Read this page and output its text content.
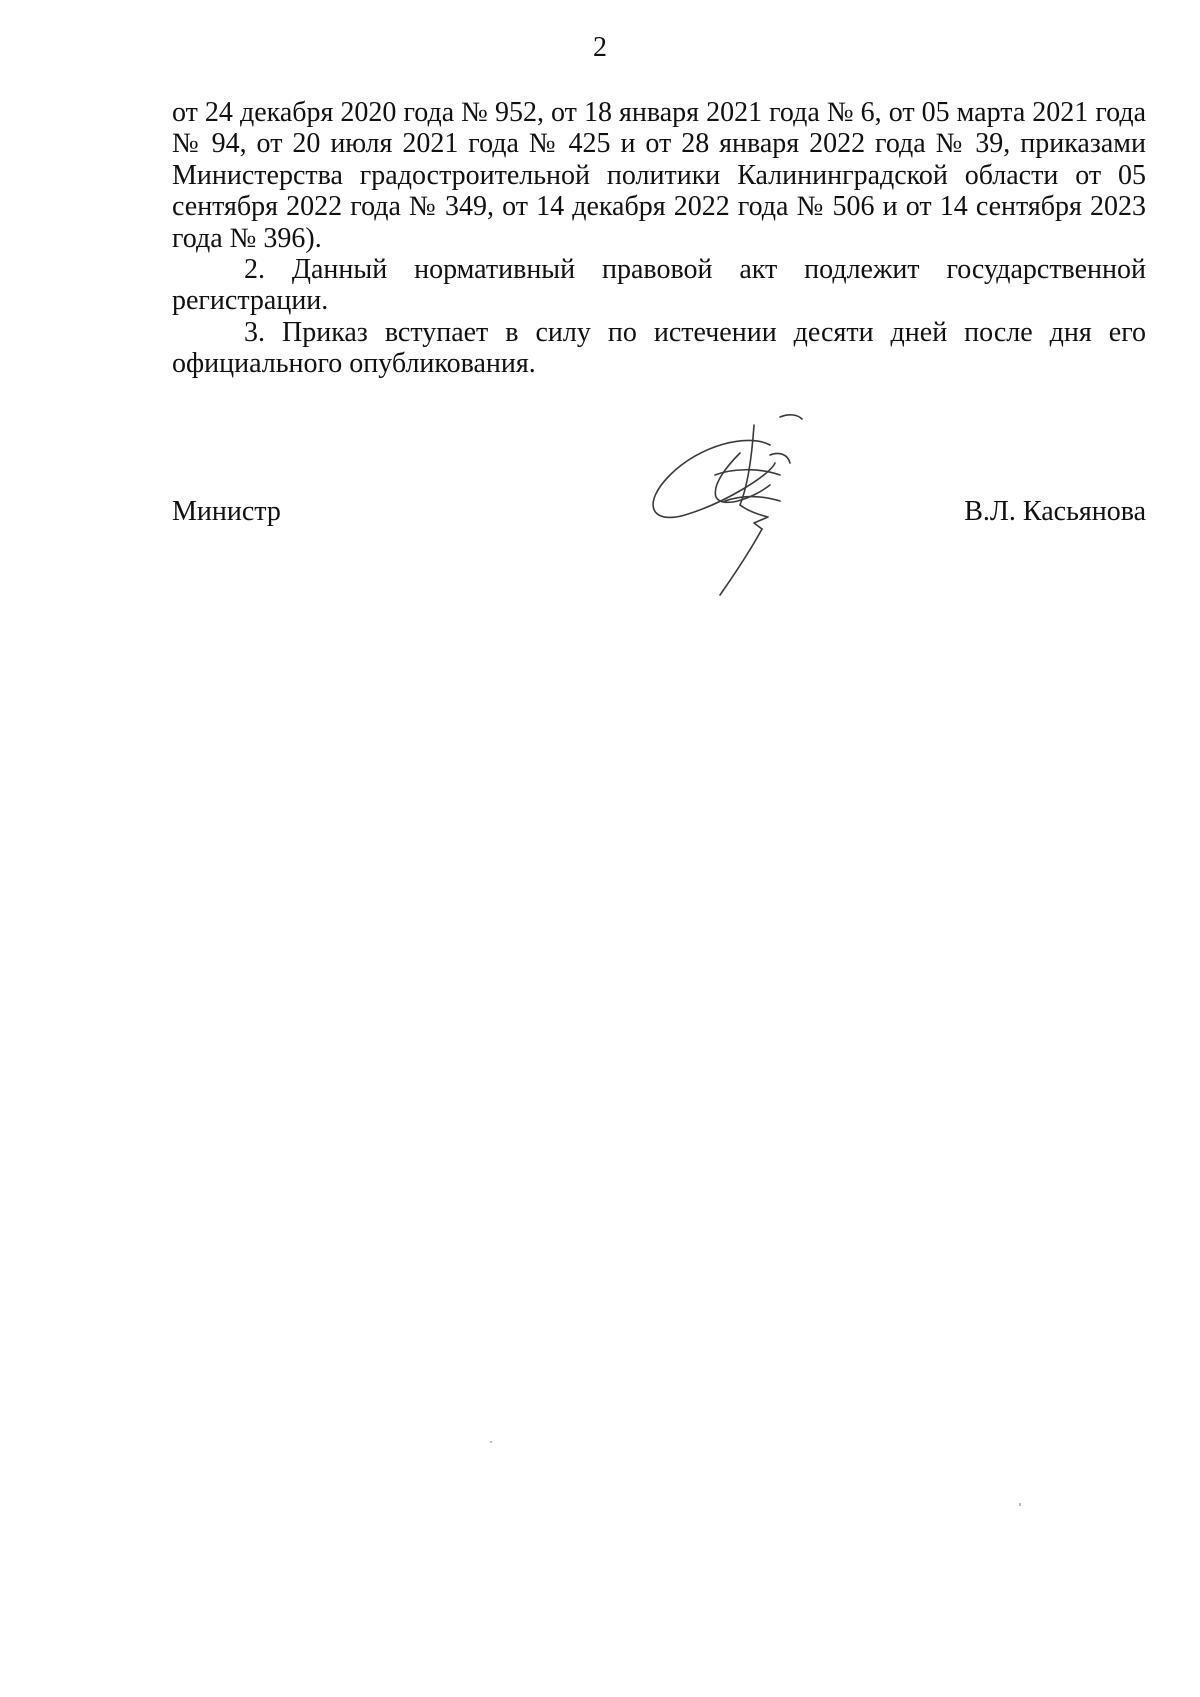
2

от 24 декабря 2020 года № 952, от 18 января 2021 года № 6, от 05 марта 2021 года № 94, от 20 июля 2021 года № 425 и от 28 января 2022 года № 39, приказами Министерства градостроительной политики Калининградской области от 05 сентября 2022 года № 349, от 14 декабря 2022 года № 506 и от 14 сентября 2023 года № 396).

2. Данный нормативный правовой акт подлежит государственной регистрации.

3. Приказ вступает в силу по истечении десяти дней после дня его официального опубликования.

Министр	В.Л. Касьянова
